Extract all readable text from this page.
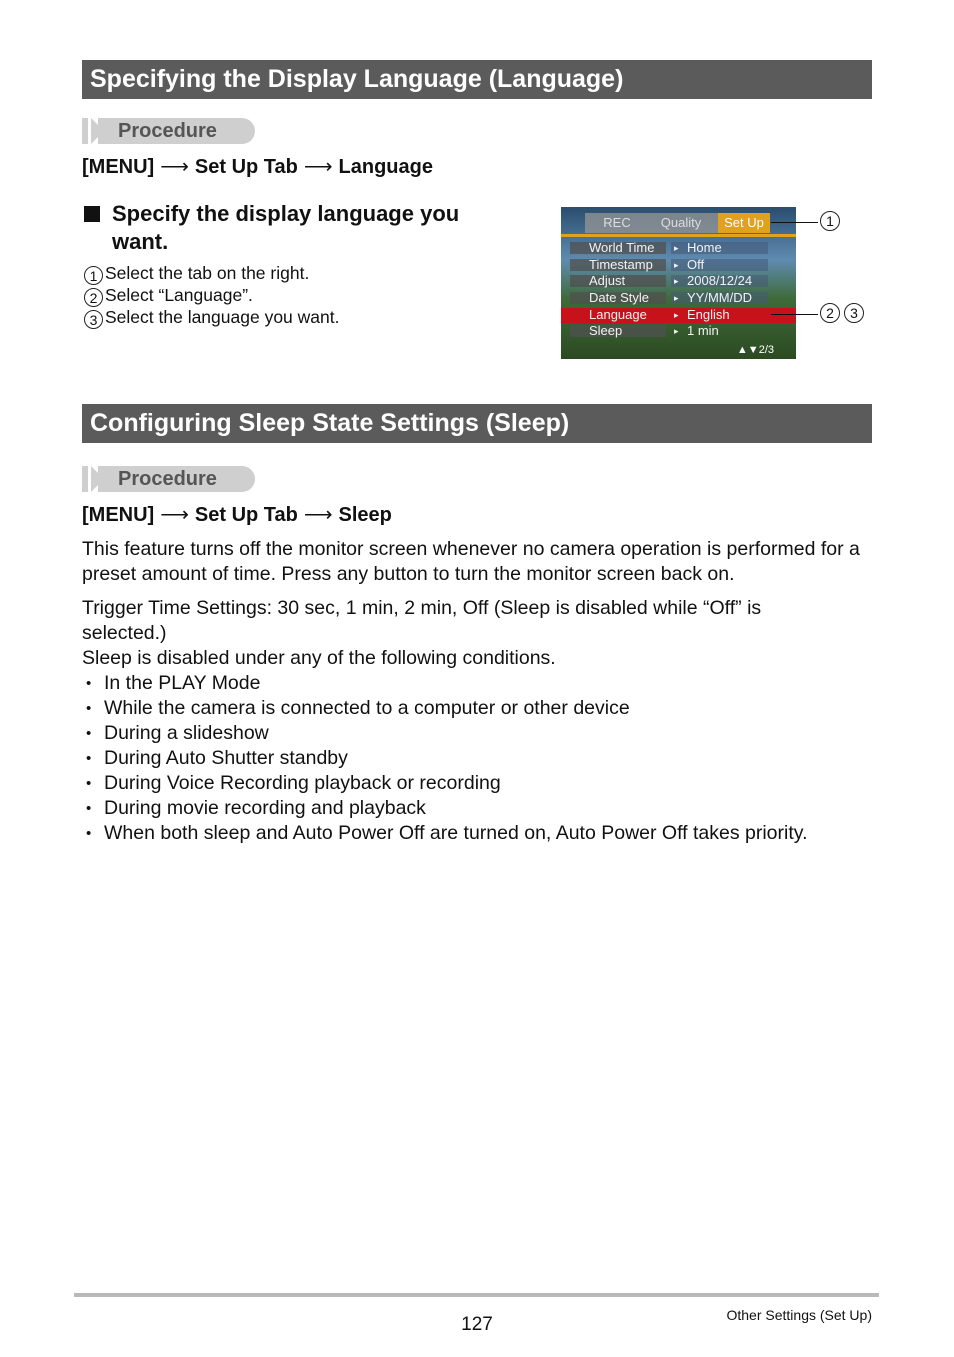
Specifying the Display Language (Language)
Procedure
[MENU] ⟶ Set Up Tab ⟶ Language
Specify the display language you
want.
1 Select the tab on the right.
2 Select “Language”.
3 Select the language you want.
REC	Quality	Set Up
World Time ▸ Home
Timestamp ▸ Off
Adjust	▸ 2008/12/24
Date Style	▸ YY/MM/DD
Language	▸ English
Sleep	▸ 1 min
▲▼2/3
1
2 3
Configuring Sleep State Settings (Sleep)
Procedure
[MENU] ⟶ Set Up Tab ⟶ Sleep
This feature turns off the monitor screen whenever no camera operation is performed for a preset amount of time. Press any button to turn the monitor screen back on.
Trigger Time Settings: 30 sec, 1 min, 2 min, Off (Sleep is disabled while “Off” is
selected.)
Sleep is disabled under any of the following conditions.
• In the PLAY Mode
• While the camera is connected to a computer or other device
• During a slideshow
• During Auto Shutter standby
• During Voice Recording playback or recording
• During movie recording and playback
• When both sleep and Auto Power Off are turned on, Auto Power Off takes priority.
127	Other Settings (Set Up)
